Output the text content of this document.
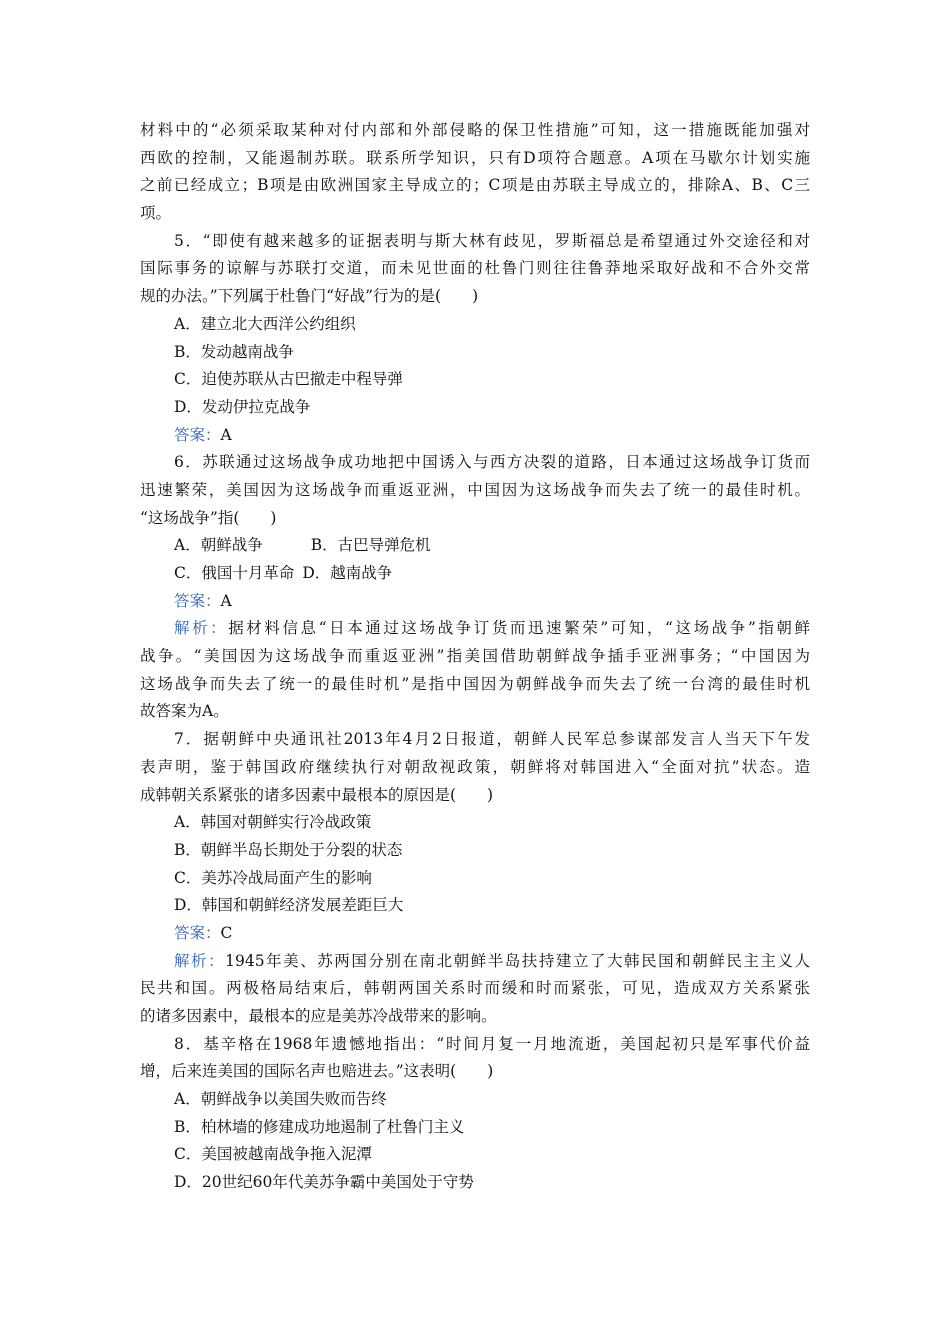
材料中的“必须采取某种对付内部和外部侵略的保卫性措施”可知，这一措施既能加强对
西欧的控制，又能遏制苏联。联系所学知识，只有D项符合题意。A项在马歇尔计划实施
之前已经成立；B项是由欧洲国家主导成立的；C项是由苏联主导成立的，排除A、B、C三
项。
5．“即使有越来越多的证据表明与斯大林有歧见，罗斯福总是希望通过外交途径和对
国际事务的谅解与苏联打交道，而未见世面的杜鲁门则往往鲁莽地采取好战和不合外交常
规的办法。”下列属于杜鲁门“好战”行为的是(　　)
A．建立北大西洋公约组织
B．发动越南战争
C．迫使苏联从古巴撤走中程导弹
D．发动伊拉克战争
答案：A
6．苏联通过这场战争成功地把中国诱入与西方决裂的道路，日本通过这场战争订货而
迅速繁荣，美国因为这场战争而重返亚洲，中国因为这场战争而失去了统一的最佳时机。
“这场战争”指(　　)
A．朝鲜战争	B．古巴导弹危机
C．俄国十月革命 D．越南战争
答案：A
解析：据材料信息“日本通过这场战争订货而迅速繁荣”可知，“这场战争”指朝鲜
战争。“美国因为这场战争而重返亚洲”指美国借助朝鲜战争插手亚洲事务；“中国因为
这场战争而失去了统一的最佳时机”是指中国因为朝鲜战争而失去了统一台湾的最佳时机
故答案为A。
7．据朝鲜中央通讯社2013年4月2日报道，朝鲜人民军总参谋部发言人当天下午发
表声明，鉴于韩国政府继续执行对朝敌视政策，朝鲜将对韩国进入“全面对抗”状态。造
成韩朝关系紧张的诸多因素中最根本的原因是(　　)
A．韩国对朝鲜实行冷战政策
B．朝鲜半岛长期处于分裂的状态
C．美苏冷战局面产生的影响
D．韩国和朝鲜经济发展差距巨大
答案：C
解析：1945年美、苏两国分别在南北朝鲜半岛扶持建立了大韩民国和朝鲜民主主义人
民共和国。两极格局结束后，韩朝两国关系时而缓和时而紧张，可见，造成双方关系紧张
的诸多因素中，最根本的应是美苏冷战带来的影响。
8．基辛格在1968年遗憾地指出：“时间月复一月地流逝，美国起初只是军事代价益
增，后来连美国的国际名声也赔进去。”这表明(　　)
A．朝鲜战争以美国失败而告终
B．柏林墙的修建成功地遏制了杜鲁门主义
C．美国被越南战争拖入泥潭
D．20世纪60年代美苏争霸中美国处于守势
